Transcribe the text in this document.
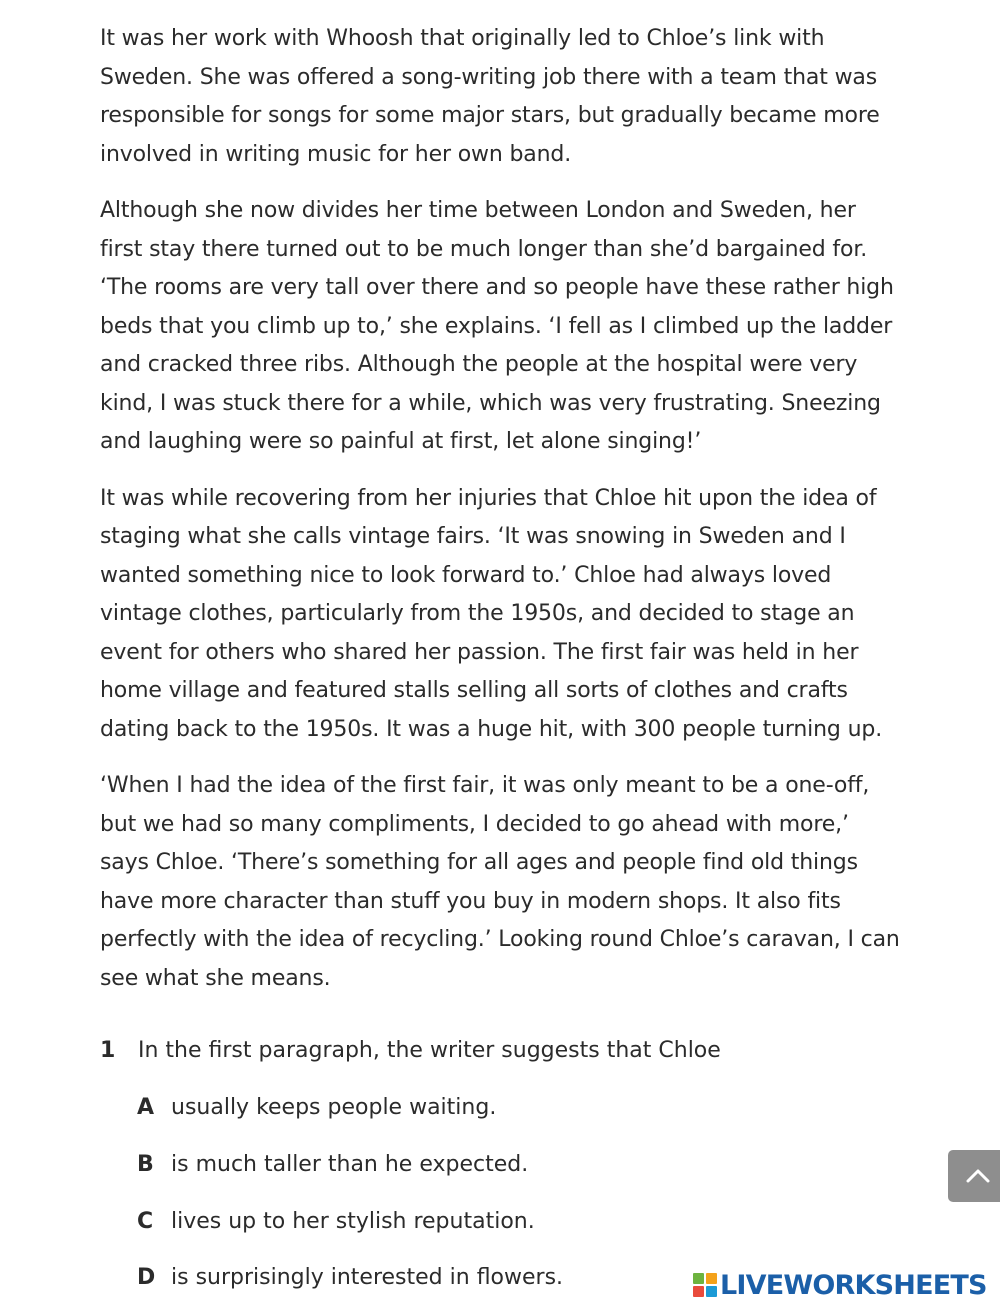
It was her work with Whoosh that originally led to Chloe’s link with Sweden. She was offered a song-writing job there with a team that was responsible for songs for some major stars, but gradually became more involved in writing music for her own band.

Although she now divides her time between London and Sweden, her first stay there turned out to be much longer than she’d bargained for. ‘The rooms are very tall over there and so people have these rather high beds that you climb up to,’ she explains. ‘I fell as I climbed up the ladder and cracked three ribs. Although the people at the hospital were very kind, I was stuck there for a while, which was very frustrating. Sneezing and laughing were so painful at first, let alone singing!’

It was while recovering from her injuries that Chloe hit upon the idea of staging what she calls vintage fairs. ‘It was snowing in Sweden and I wanted something nice to look forward to.’ Chloe had always loved vintage clothes, particularly from the 1950s, and decided to stage an event for others who shared her passion. The first fair was held in her home village and featured stalls selling all sorts of clothes and crafts dating back to the 1950s. It was a huge hit, with 300 people turning up.

‘When I had the idea of the first fair, it was only meant to be a one-off, but we had so many compliments, I decided to go ahead with more,’ says Chloe. ‘There’s something for all ages and people find old things have more character than stuff you buy in modern shops. It also fits perfectly with the idea of recycling.’ Looking round Chloe’s caravan, I can see what she means.

1	In the first paragraph, the writer suggests that Chloe
A usually keeps people waiting.
B is much taller than he expected.
C lives up to her stylish reputation.
D is surprisingly interested in flowers.	LIVEWORKSHEETS
